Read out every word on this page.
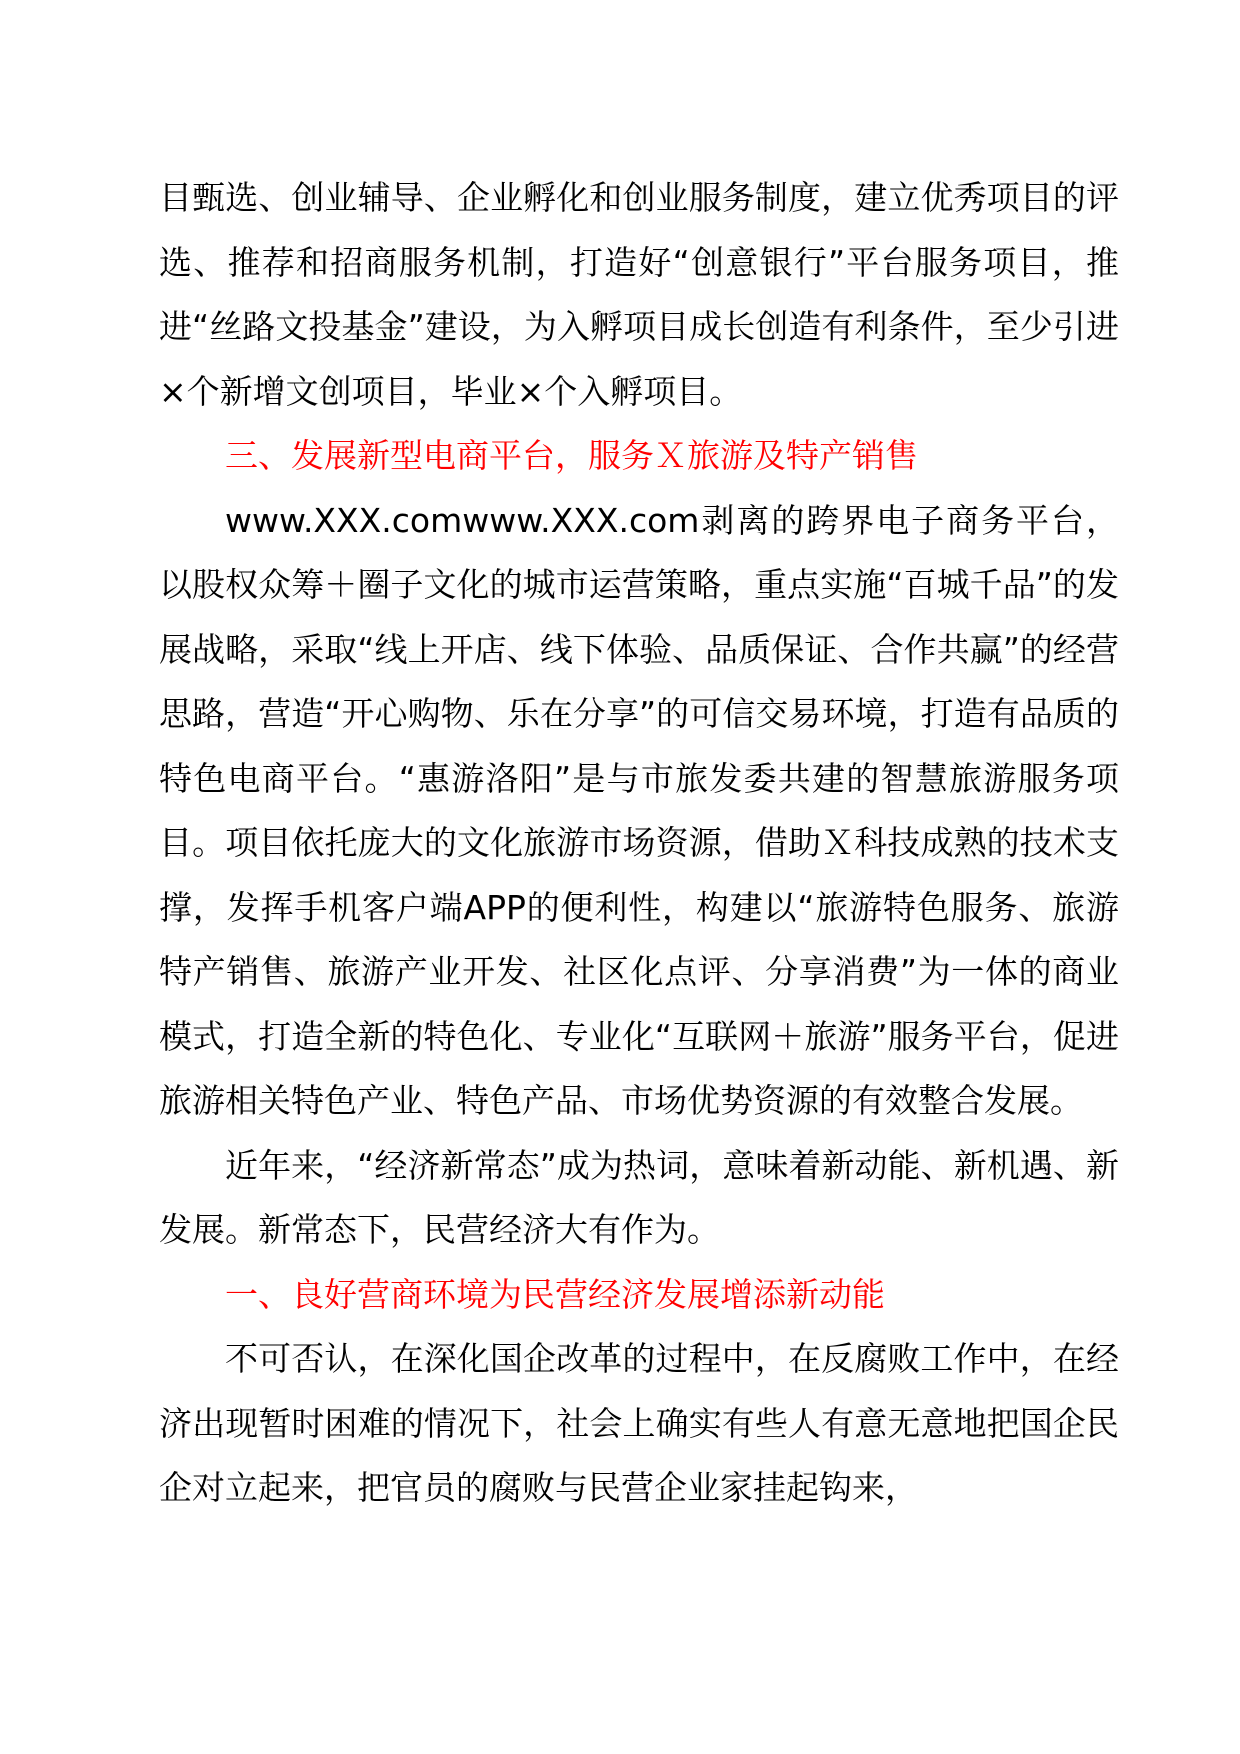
目甄选、创业辅导、企业孵化和创业服务制度，建立优秀项目的评选、推荐和招商服务机制，打造好“创意银行”平台服务项目，推进“丝路文投基金”建设，为入孵项目成长创造有利条件，至少引进×个新增文创项目，毕业×个入孵项目。

三、发展新型电商平台，服务Ｘ旅游及特产销售

www.XXX.comwww.XXX.com剥离的跨界电子商务平台，以股权众筹＋圈子文化的城市运营策略，重点实施“百城千品”的发展战略，采取“线上开店、线下体验、品质保证、合作共赢”的经营思路，营造“开心购物、乐在分享”的可信交易环境，打造有品质的特色电商平台。“惠游洛阳”是与市旅发委共建的智慧旅游服务项目。项目依托庞大的文化旅游市场资源，借助Ｘ科技成熟的技术支撑，发挥手机客户端APP的便利性，构建以“旅游特色服务、旅游特产销售、旅游产业开发、社区化点评、分享消费”为一体的商业模式，打造全新的特色化、专业化“互联网＋旅游”服务平台，促进旅游相关特色产业、特色产品、市场优势资源的有效整合发展。

近年来，“经济新常态”成为热词，意味着新动能、新机遇、新发展。新常态下，民营经济大有作为。

一、良好营商环境为民营经济发展增添新动能

不可否认，在深化国企改革的过程中，在反腐败工作中，在经济出现暂时困难的情况下，社会上确实有些人有意无意地把国企民企对立起来，把官员的腐败与民营企业家挂起钩来，
